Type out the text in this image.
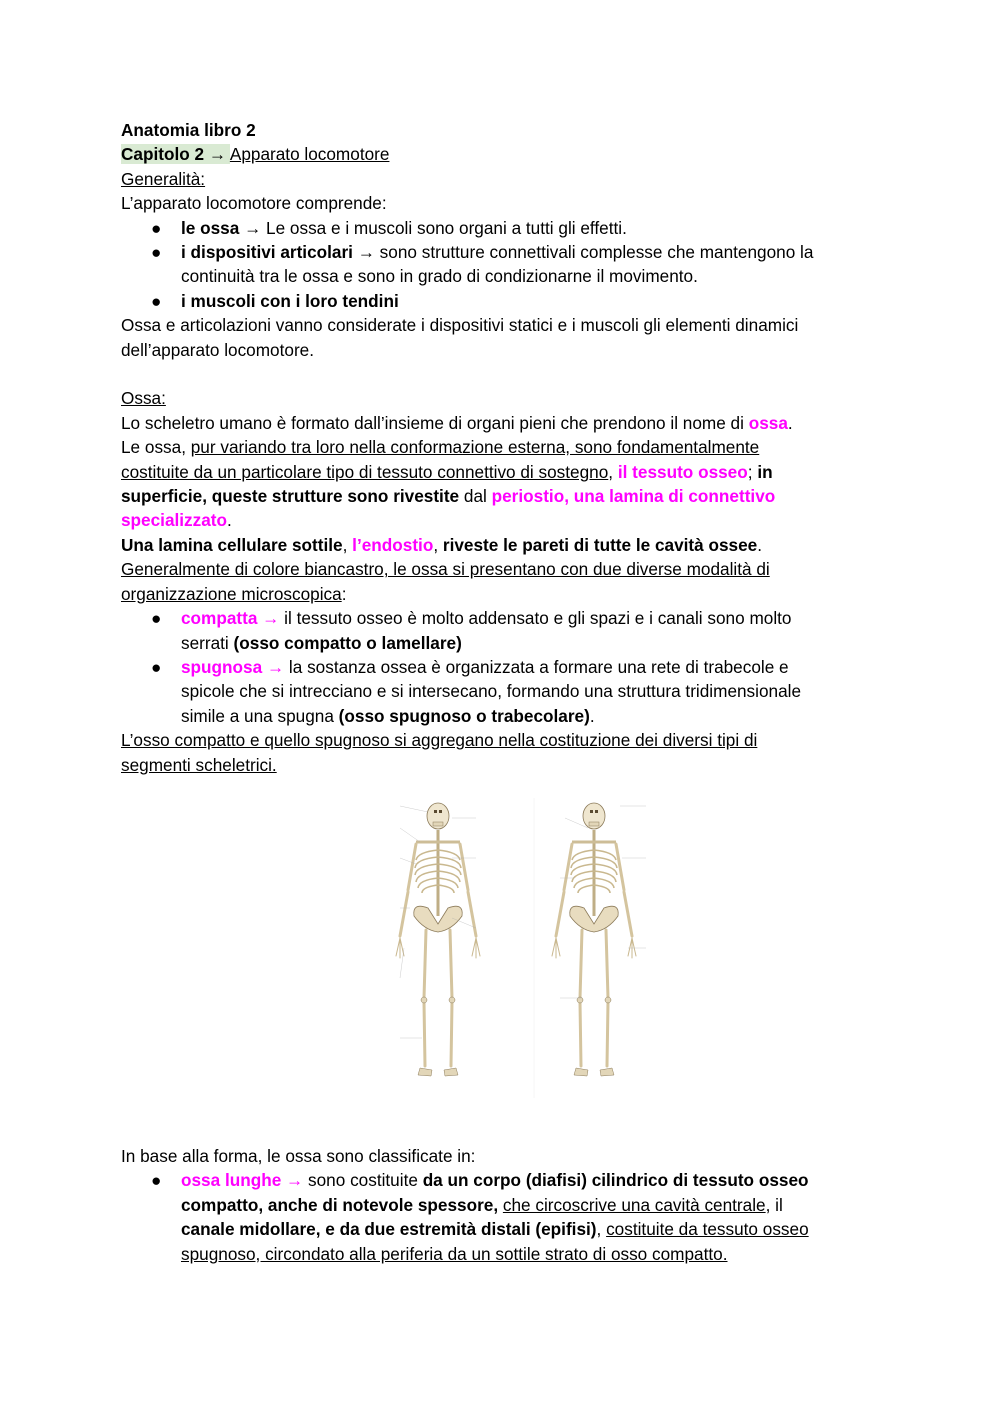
Anatomia libro 2
Capitolo 2 → Apparato locomotore
Generalità:
L’apparato locomotore comprende:
● le ossa → Le ossa e i muscoli sono organi a tutti gli effetti.
● i dispositivi articolari → sono strutture connettivali complesse che mantengono la
continuità tra le ossa e sono in grado di condizionarne il movimento.
● i muscoli con i loro tendini
Ossa e articolazioni vanno considerate i dispositivi statici e i muscoli gli elementi dinamici
dell’apparato locomotore.
Ossa:
Lo scheletro umano è formato dall’insieme di organi pieni che prendono il nome di ossa.
Le ossa, pur variando tra loro nella conformazione esterna, sono fondamentalmente
costituite da un particolare tipo di tessuto connettivo di sostegno, il tessuto osseo; in
superficie, queste strutture sono rivestite dal periostio, una lamina di connettivo
specializzato.
Una lamina cellulare sottile, l’endostio, riveste le pareti di tutte le cavità ossee.
Generalmente di colore biancastro, le ossa si presentano con due diverse modalità di
organizzazione microscopica:
● compatta → il tessuto osseo è molto addensato e gli spazi e i canali sono molto
serrati (osso compatto o lamellare)
● spugnosa → la sostanza ossea è organizzata a formare una rete di trabecole e
spicole che si intrecciano e si intersecano, formando una struttura tridimensionale
simile a una spugna (osso spugnoso o trabecolare).
L’osso compatto e quello spugnoso si aggregano nella costituzione dei diversi tipi di
segmenti scheletrici.
In base alla forma, le ossa sono classificate in:
● ossa lunghe → sono costituite da un corpo (diafisi) cilindrico di tessuto osseo
compatto, anche di notevole spessore, che circoscrive una cavità centrale, il
canale midollare, e da due estremità distali (epifisi), costituite da tessuto osseo
spugnoso, circondato alla periferia da un sottile strato di osso compatto.
